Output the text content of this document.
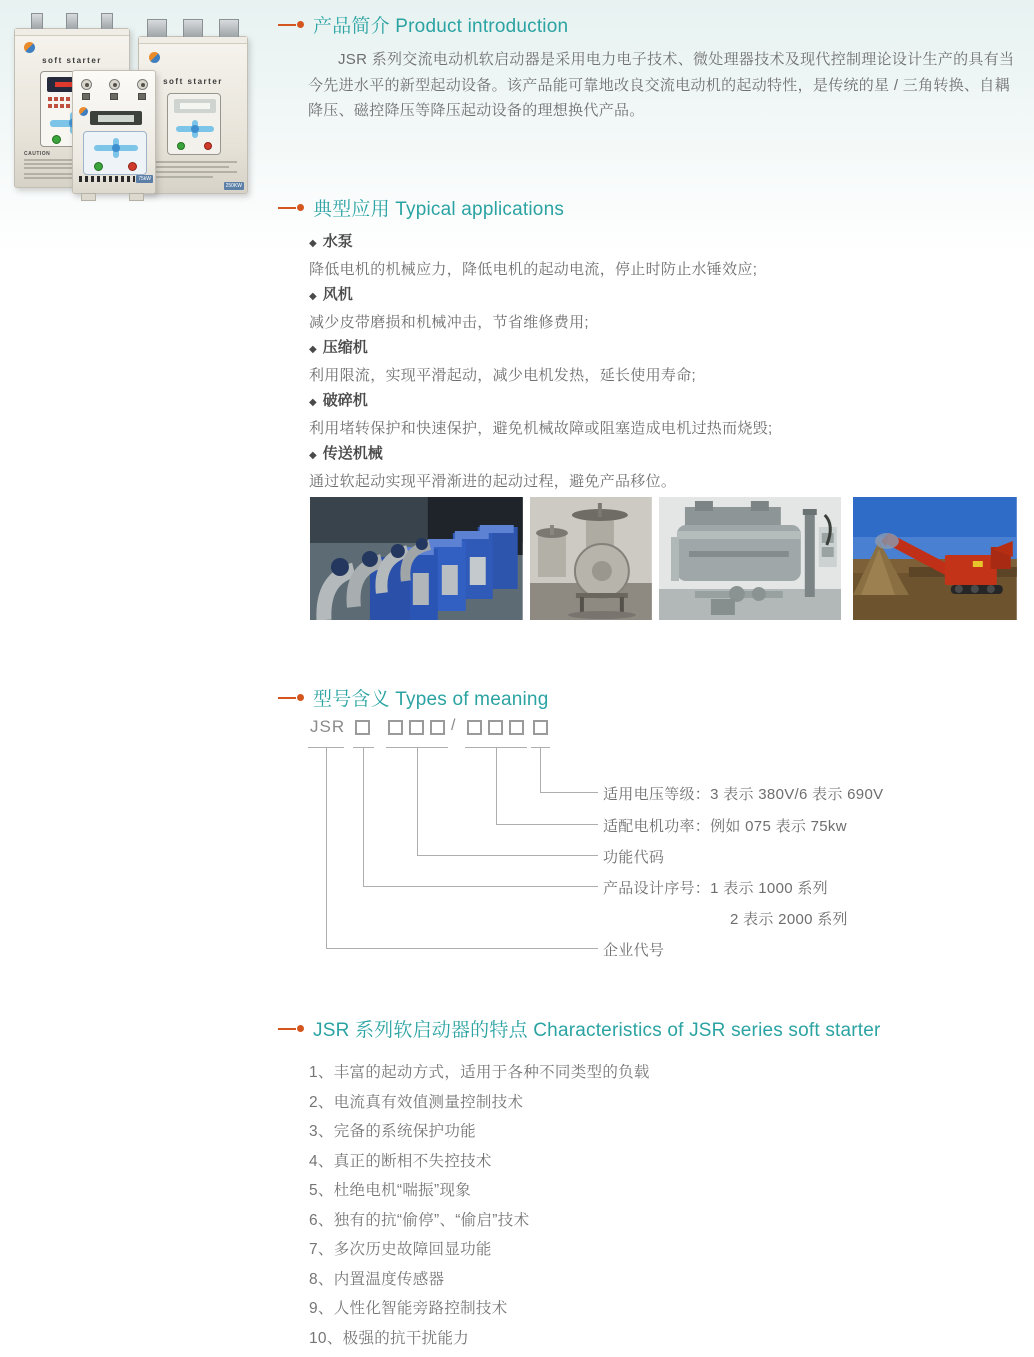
soft starter
CAUTION
soft starter
250KW
75kW
产品简介 Product introduction
JSR 系列交流电动机软启动器是采用电力电子技术、微处理器技术及现代控制理论设计生产的具有当今先进水平的新型起动设备。该产品能可靠地改良交流电动机的起动特性，是传统的星 / 三角转换、自耦降压、磁控降压等降压起动设备的理想换代产品。
典型应用 Typical applications
◆ 水泵
降低电机的机械应力，降低电机的起动电流，停止时防止水锤效应;
◆ 风机
减少皮带磨损和机械冲击，节省维修费用;
◆ 压缩机
利用限流，实现平滑起动，减少电机发热，延长使用寿命;
◆ 破碎机
利用堵转保护和快速保护，避免机械故障或阻塞造成电机过热而烧毁;
◆ 传送机械
通过软起动实现平滑渐进的起动过程，避免产品移位。
型号含义 Types of meaning
JSR	/
适用电压等级：3 表示 380V/6 表示 690V
适配电机功率：例如 075 表示 75kw
功能代码
产品设计序号：1 表示 1000 系列
2 表示 2000 系列
企业代号
JSR 系列软启动器的特点 Characteristics of JSR series soft starter
1、丰富的起动方式，适用于各种不同类型的负载
2、电流真有效值测量控制技术
3、完备的系统保护功能
4、真正的断相不失控技术
5、杜绝电机“喘振”现象
6、独有的抗“偷停”、“偷启”技术
7、多次历史故障回显功能
8、内置温度传感器
9、人性化智能旁路控制技术
10、极强的抗干扰能力
